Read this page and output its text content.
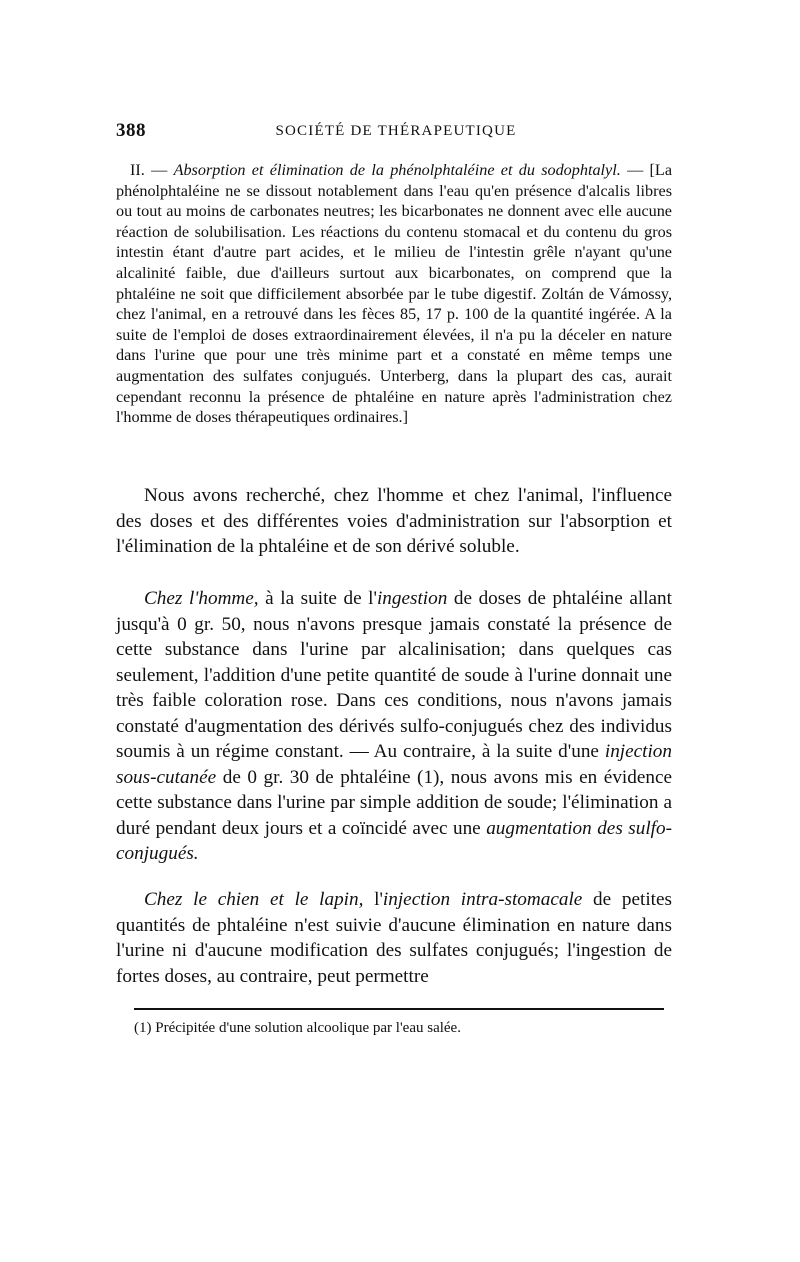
388	SOCIÉTÉ DE THÉRAPEUTIQUE

II. — Absorption et élimination de la phénolphtaléine et du sodophtalyl. — [La phénolphtaléine ne se dissout notablement dans l'eau qu'en présence d'alcalis libres ou tout au moins de carbonates neutres; les bicarbonates ne donnent avec elle aucune réaction de solubilisation. Les réactions du contenu stomacal et du contenu du gros intestin étant d'autre part acides, et le milieu de l'intestin grêle n'ayant qu'une alcalinité faible, due d'ailleurs surtout aux bicarbonates, on comprend que la phtaléine ne soit que difficilement absorbée par le tube digestif. Zoltán de Vámossy, chez l'animal, en a retrouvé dans les fèces 85, 17 p. 100 de la quantité ingérée. A la suite de l'emploi de doses extraordinairement élevées, il n'a pu la déceler en nature dans l'urine que pour une très minime part et a constaté en même temps une augmentation des sulfates conjugués. Unterberg, dans la plupart des cas, aurait cependant reconnu la présence de phtaléine en nature après l'administration chez l'homme de doses thérapeutiques ordinaires.]

Nous avons recherché, chez l'homme et chez l'animal, l'influence des doses et des différentes voies d'administration sur l'absorption et l'élimination de la phtaléine et de son dérivé soluble.

Chez l'homme, à la suite de l'ingestion de doses de phtaléine allant jusqu'à 0 gr. 50, nous n'avons presque jamais constaté la présence de cette substance dans l'urine par alcalinisation; dans quelques cas seulement, l'addition d'une petite quantité de soude à l'urine donnait une très faible coloration rose. Dans ces conditions, nous n'avons jamais constaté d'augmentation des dérivés sulfo-conjugués chez des individus soumis à un régime constant. — Au contraire, à la suite d'une injection sous-cutanée de 0 gr. 30 de phtaléine (1), nous avons mis en évidence cette substance dans l'urine par simple addition de soude; l'élimination a duré pendant deux jours et a coïncidé avec une augmentation des sulfo-conjugués.

Chez le chien et le lapin, l'injection intra-stomacale de petites quantités de phtaléine n'est suivie d'aucune élimination en nature dans l'urine ni d'aucune modification des sulfates conjugués; l'ingestion de fortes doses, au contraire, peut permettre

(1) Précipitée d'une solution alcoolique par l'eau salée.
